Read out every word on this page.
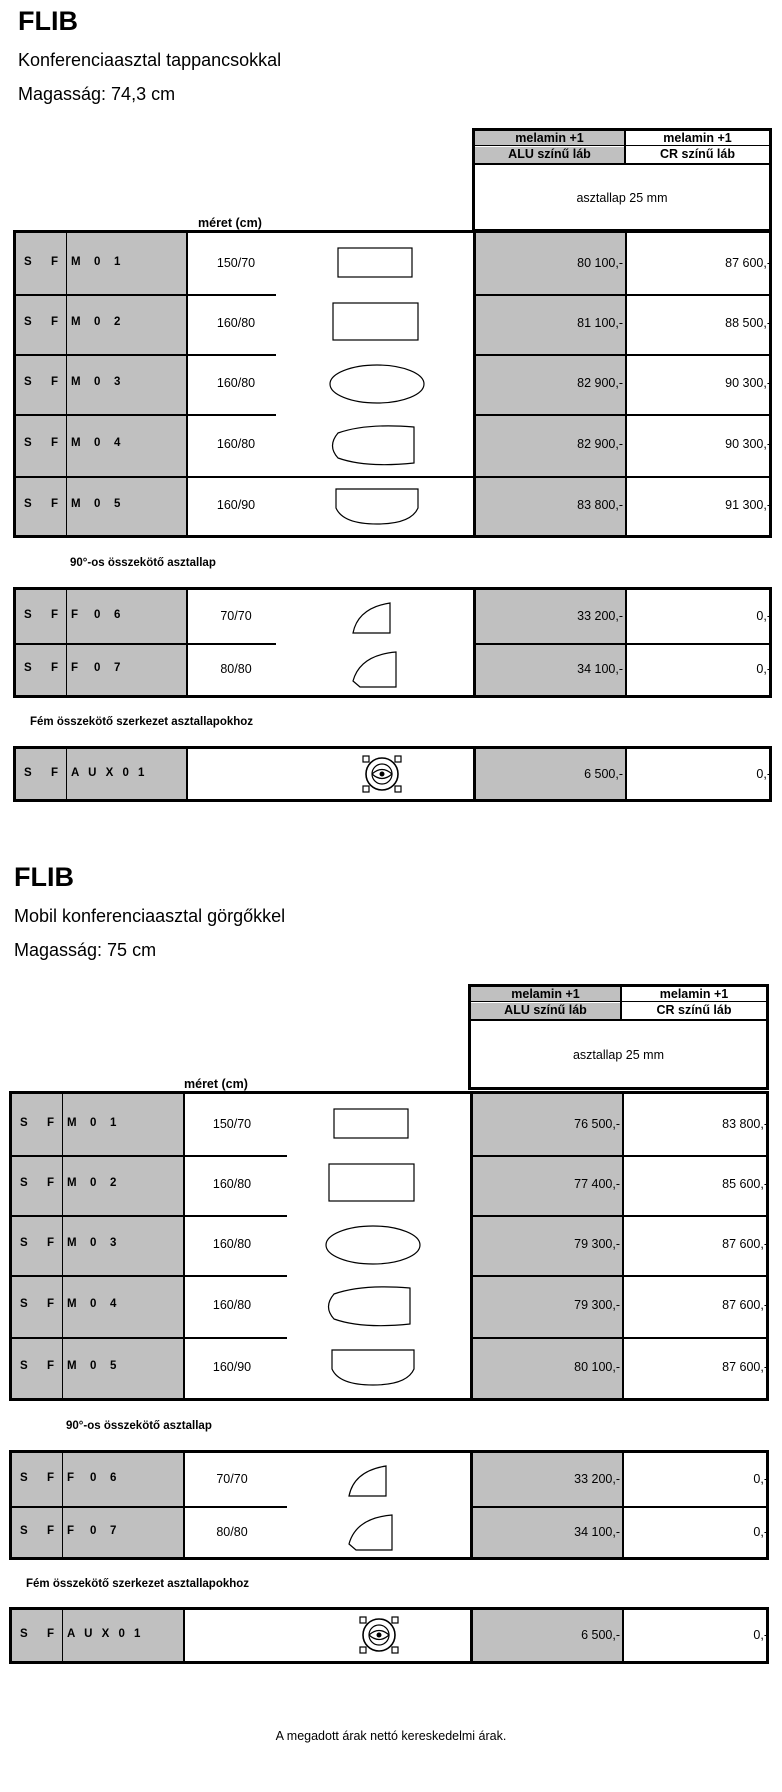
FLIB
Konferenciaasztal tappancsokkal
Magasság: 74,3 cm
melamin +1
ALU színű láb
melamin +1
CR színű láb
asztallap 25 mm
méret (cm)
S F M 0 1	150/70	80 100,-	87 600,-
S F M 0 2	160/80	81 100,-	88 500,-
S F M 0 3	160/80	82 900,-	90 300,-
S F M 0 4	160/80	82 900,-	90 300,-
S F M 0 5	160/90	83 800,-	91 300,-
90°-os összekötő asztallap
S F F 0 6	70/70	33 200,-	0,-
S F F 0 7	80/80	34 100,-	0,-
Fém összekötő szerkezet asztallapokhoz
S F A U X 0 1	6 500,-	0,-
FLIB
Mobil konferenciaasztal görgőkkel
Magasság: 75 cm
melamin +1
ALU színű láb
melamin +1
CR színű láb
asztallap 25 mm
méret (cm)
S F M 0 1	150/70	76 500,-	83 800,-
S F M 0 2	160/80	77 400,-	85 600,-
S F M 0 3	160/80	79 300,-	87 600,-
S F M 0 4	160/80	79 300,-	87 600,-
S F M 0 5	160/90	80 100,-	87 600,-
90°-os összekötő asztallap
S F F 0 6	70/70	33 200,-	0,-
S F F 0 7	80/80	34 100,-	0,-
Fém összekötő szerkezet asztallapokhoz
S F A U X 0 1	6 500,-	0,-
A megadott árak nettó kereskedelmi árak.
